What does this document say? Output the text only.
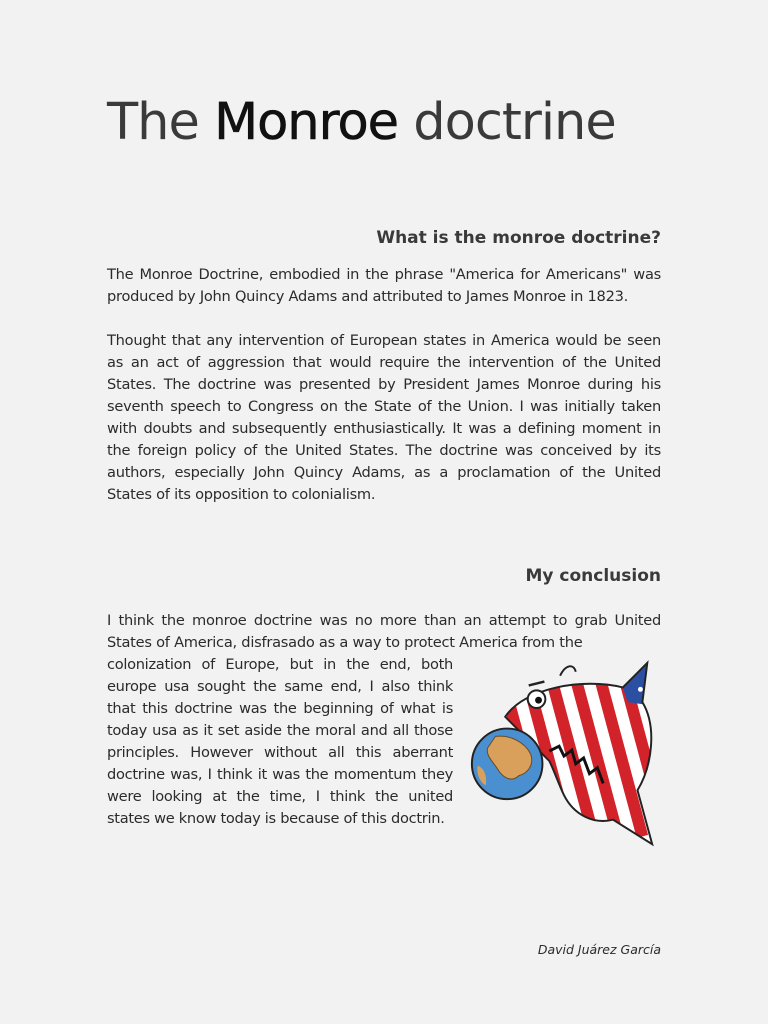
The Monroe doctrine
What is the monroe doctrine?

The Monroe Doctrine, embodied in the phrase "America for Americans" was produced by John Quincy Adams and attributed to James Monroe in 1823.

Thought that any intervention of European states in America would be seen as an act of aggression that would require the intervention of the United States. The doctrine was presented by President James Monroe during his seventh speech to Congress on the State of the Union. I was initially taken with doubts and subsequently enthusiastically. It was a defining moment in the foreign policy of the United States. The doctrine was conceived by its authors, especially John Quincy Adams, as a proclamation of the United States of its opposition to colonialism.

My conclusion

I think the monroe doctrine was no more than an attempt to grab United States of America, disfrasado as a way to protect America from the

colonization of Europe, but in the end, both europe usa sought the same end, I also think that this doctrine was the beginning of what is today usa as it set aside the moral and all those principles. However without all this aberrant doctrine was, I think it was the momentum they were looking at the time, I think the united states we know today is because of this doctrin.

David Juárez García
